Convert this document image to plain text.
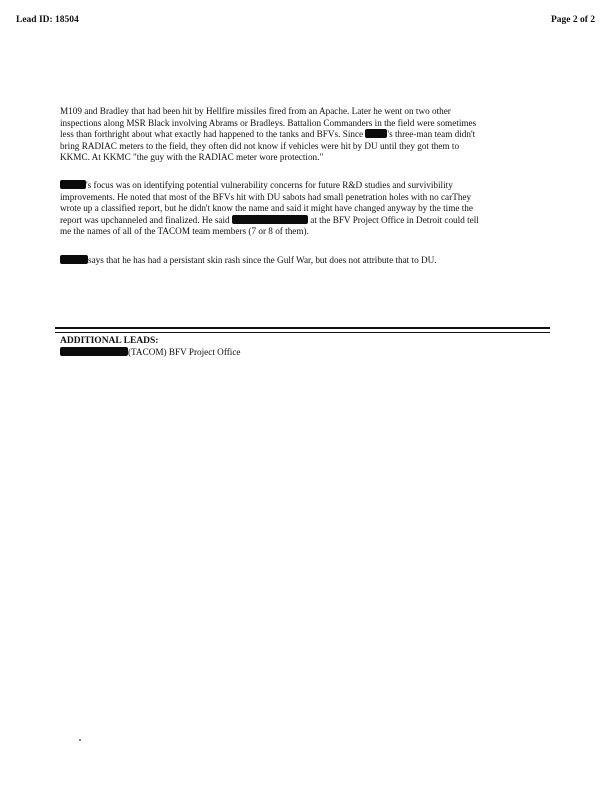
Lead ID: 18504	Page 2 of 2

M109 and Bradley that had been hit by Hellfire missiles fired from an Apache. Later he went on two other
inspections along MSR Black involving Abrams or Bradleys. Battalion Commanders in the field were sometimes
less than forthright about what exactly had happened to the tanks and BFVs. Since 's three-man team didn't
bring RADIAC meters to the field, they often did not know if vehicles were hit by DU until they got them to
KKMC. At KKMC "the guy with the RADIAC meter wore protection."

's focus was on identifying potential vulnerability concerns for future R&D studies and survivibility
improvements. He noted that most of the BFVs hit with DU sabots had small penetration holes with no carThey
wrote up a classified report, but he didn't know the name and said it might have changed anyway by the time the
report was upchanneled and finalized. He said	at the BFV Project Office in Detroit could tell
me the names of all of the TACOM team members (7 or 8 of them).

says that he has had a persistant skin rash since the Gulf War, but does not attribute that to DU.

ADDITIONAL LEADS:
(TACOM) BFV Project Office
